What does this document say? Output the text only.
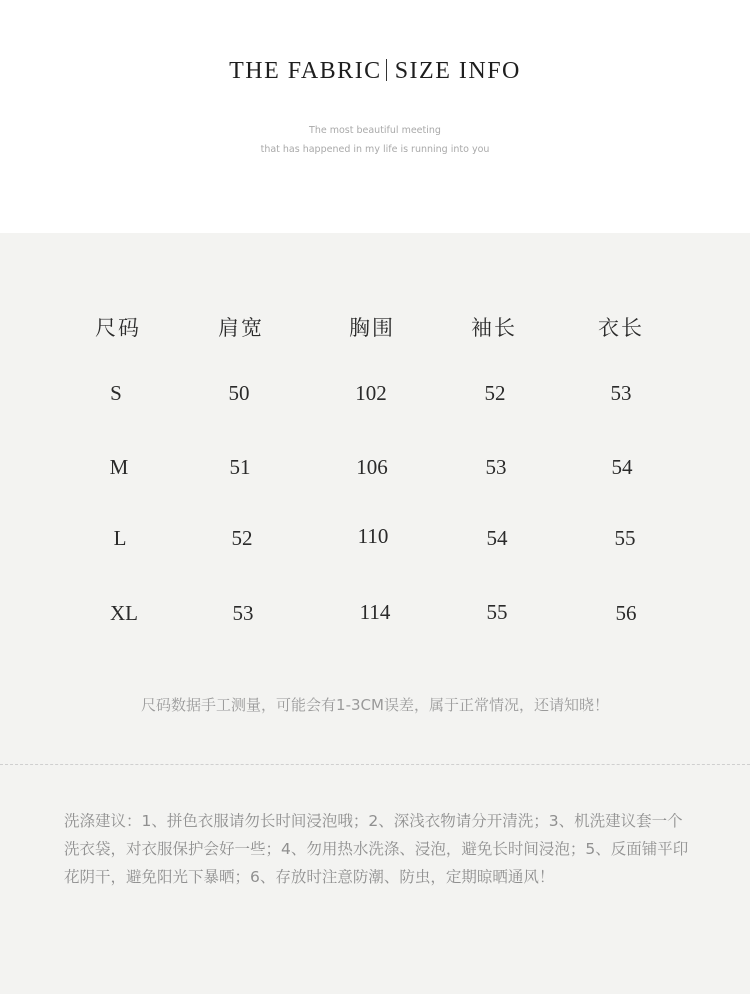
THE FABRIC SIZE INFO
The most beautiful meeting
that has happened in my life is running into you
尺码	肩宽	胸围	袖长	衣长
S	50	102	52	53
M	51	106	53	54
L	52	110	54	55
XL	53	114	55	56
尺码数据手工测量，可能会有1-3CM误差，属于正常情况，还请知晓！
洗涤建议：1、拼色衣服请勿长时间浸泡哦；2、深浅衣物请分开清洗；3、机洗建议套一个洗衣袋，对衣服保护会好一些；4、勿用热水洗涤、浸泡，避免长时间浸泡；5、反面铺平印花阴干，避免阳光下暴晒；6、存放时注意防潮、防虫，定期晾晒通风！
